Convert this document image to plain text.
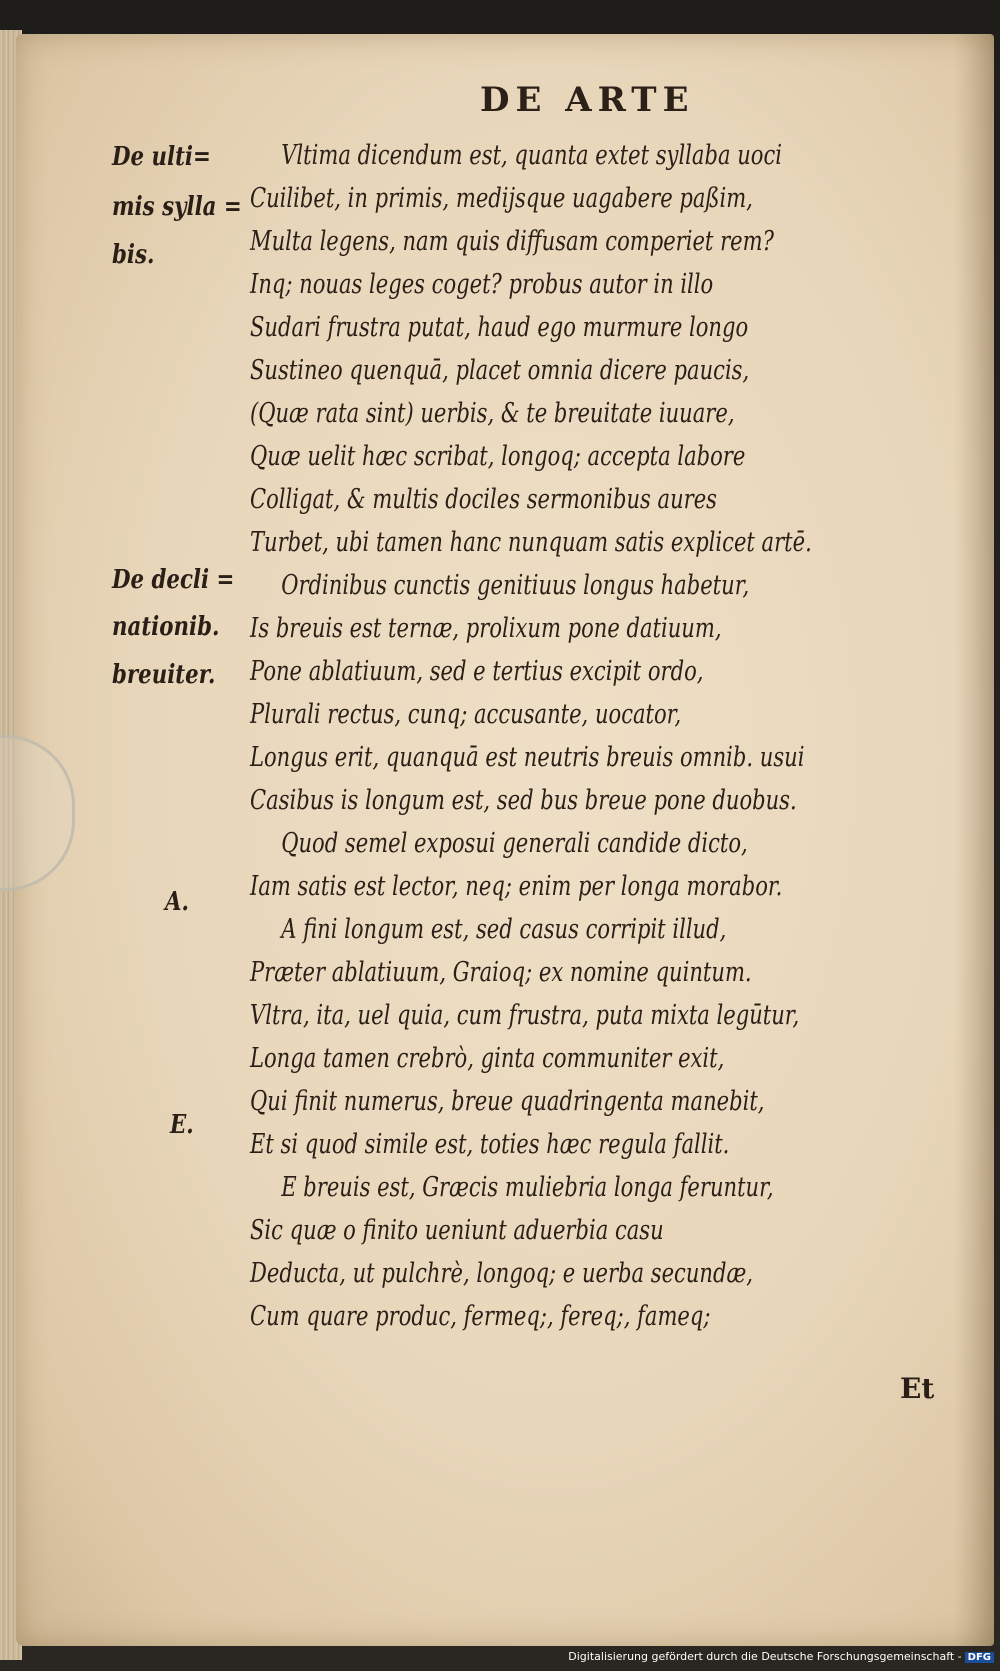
DE ARTE
De ulti=
mis sylla =
bis.
De decli =
nationib.
breuiter.
A.
E.
Vltima dicendum est, quanta extet syllaba uoci
Cuilibet, in primis, medijsque uagabere paßim,
Multa legens, nam quis diffusam comperiet rem?
Inq; nouas leges coget? probus autor in illo
Sudari frustra putat, haud ego murmure longo
Sustineo quenquā, placet omnia dicere paucis,
(Quæ rata sint) uerbis, & te breuitate iuuare,
Quæ uelit hæc scribat, longoq; accepta labore
Colligat, & multis dociles sermonibus aures
Turbet, ubi tamen hanc nunquam satis explicet artē.
Ordinibus cunctis genitiuus longus habetur,
Is breuis est ternæ, prolixum pone datiuum,
Pone ablatiuum, sed e tertius excipit ordo,
Plurali rectus, cunq; accusante, uocator,
Longus erit, quanquā est neutris breuis omnib. usui
Casibus is longum est, sed bus breue pone duobus.
Quod semel exposui generali candide dicto,
Iam satis est lector, neq; enim per longa morabor.
A fini longum est, sed casus corripit illud,
Præter ablatiuum, Graioq; ex nomine quintum.
Vltra, ita, uel quia, cum frustra, puta mixta legūtur,
Longa tamen crebrò, ginta communiter exit,
Qui finit numerus, breue quadringenta manebit,
Et si quod simile est, toties hæc regula fallit.
E breuis est, Græcis muliebria longa feruntur,
Sic quæ o finito ueniunt aduerbia casu
Deducta, ut pulchrè, longoq; e uerba secundæ,
Cum quare produc, fermeq;, fereq;, fameq;
Et
Digitalisierung gefördert durch die Deutsche Forschungsgemeinschaft - DFG
